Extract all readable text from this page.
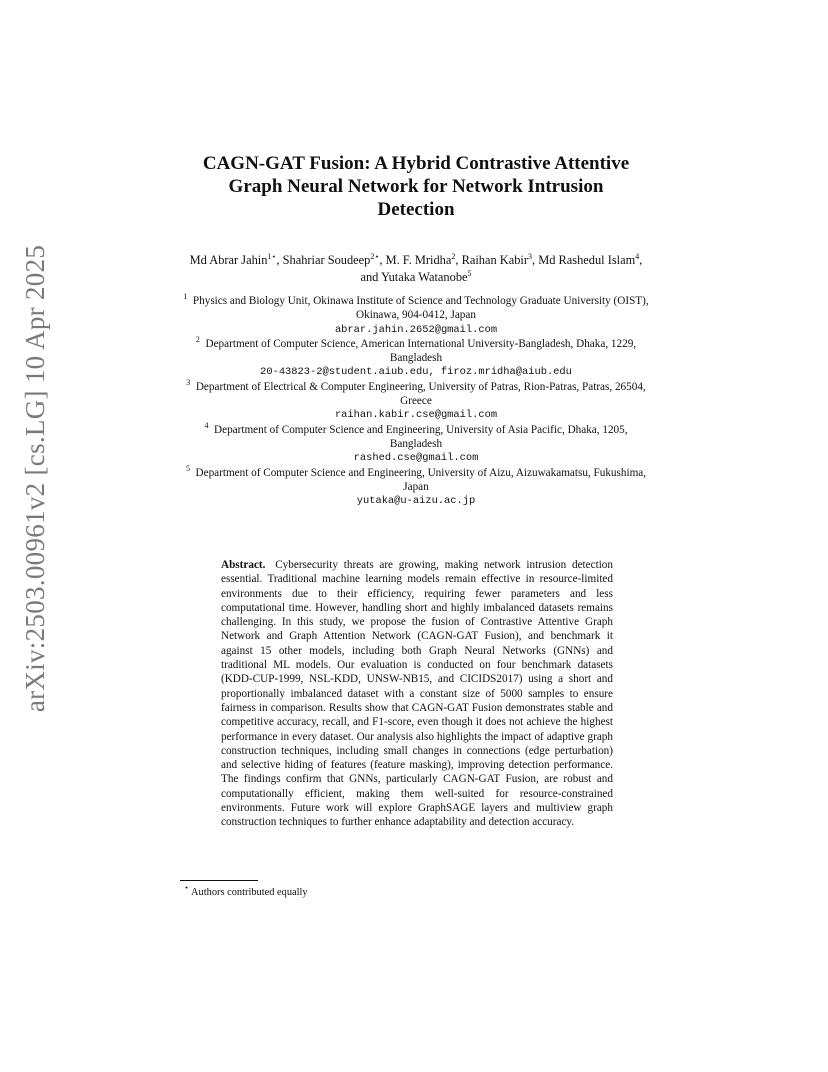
arXiv:2503.00961v2 [cs.LG] 10 Apr 2025
CAGN-GAT Fusion: A Hybrid Contrastive Attentive Graph Neural Network for Network Intrusion Detection
Md Abrar Jahin$^{1⋆}$, Shahriar Soudeep$^{2⋆}$, M. F. Mridha$^2$, Raihan Kabir$^3$, Md Rashedul Islam$^4$, and Yutaka Watanobe$^5$
$^1$ Physics and Biology Unit, Okinawa Institute of Science and Technology Graduate University (OIST), Okinawa, 904-0412, Japan
abrar.jahin.2652@gmail.com
$^2$ Department of Computer Science, American International University-Bangladesh, Dhaka, 1229, Bangladesh
20-43823-2@student.aiub.edu, firoz.mridha@aiub.edu
$^3$ Department of Electrical & Computer Engineering, University of Patras, Rion-Patras, Patras, 26504, Greece
raihan.kabir.cse@gmail.com
$^4$ Department of Computer Science and Engineering, University of Asia Pacific, Dhaka, 1205, Bangladesh
rashed.cse@gmail.com
$^5$ Department of Computer Science and Engineering, University of Aizu, Aizuwakamatsu, Fukushima, Japan
yutaka@u-aizu.ac.jp

Abstract. Cybersecurity threats are growing, making network intrusion detection essential. Traditional machine learning models remain effective in resource-limited environments due to their efficiency, requiring fewer parameters and less computational time. However, handling short and highly imbalanced datasets remains challenging. In this study, we propose the fusion of Contrastive Attentive Graph Network and Graph Attention Network (CAGN-GAT Fusion), and benchmark it against 15 other models, including both Graph Neural Networks (GNNs) and traditional ML models. Our evaluation is conducted on four benchmark datasets (KDD-CUP-1999, NSL-KDD, UNSW-NB15, and CICIDS2017) using a short and proportionally imbalanced dataset with a constant size of 5000 samples to ensure fairness in comparison. Results show that CAGN-GAT Fusion demonstrates stable and competitive accuracy, recall, and F1-score, even though it does not achieve the highest performance in every dataset. Our analysis also highlights the impact of adaptive graph construction techniques, including small changes in connections (edge perturbation) and selective hiding of features (feature masking), improving detection performance. The findings confirm that GNNs, particularly CAGN-GAT Fusion, are robust and computationally efficient, making them well-suited for resource-constrained environments. Future work will explore GraphSAGE layers and multiview graph construction techniques to further enhance adaptability and detection accuracy.

⋆ Authors contributed equally
